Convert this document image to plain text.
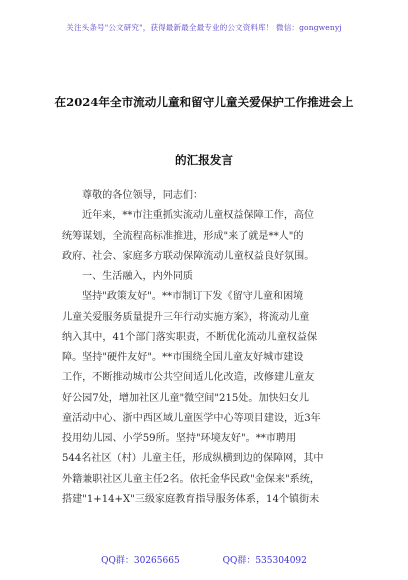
关注头条号"公文研究"，获得最新最全最专业的公文资料库！ 微信：gongwenyj
在2024年全市流动儿童和留守儿童关爱保护工作推进会上
的汇报发言
尊敬的各位领导，同志们：
近年来，**市注重抓实流动儿童权益保障工作，高位
统筹谋划，全流程高标准推进，形成"来了就是**人"的
政府、社会、家庭多方联动保障流动儿童权益良好氛围。
一、生活融入，内外同质
坚持"政策友好"。**市制订下发《留守儿童和困境
儿童关爱服务质量提升三年行动实施方案》，将流动儿童
纳入其中，41个部门落实职责，不断优化流动儿童权益保
障。坚持"硬件友好"。**市围绕全国儿童友好城市建设
工作，不断推动城市公共空间适儿化改造，改修建儿童友
好公园7处，增加社区儿童"微空间"215处。加快妇女儿
童活动中心、浙中西区域儿童医学中心等项目建设，近3年
投用幼儿园、小学59所。坚持"环境友好"。**市聘用
544名社区（村）儿童主任，形成纵横到边的保障网，其中
外籍兼职社区儿童主任2名。依托金华民政"金保来"系统，
搭建"1+14+X"三级家庭教育指导服务体系，14个镇街未
QQ群：30265665	QQ群：535304092
